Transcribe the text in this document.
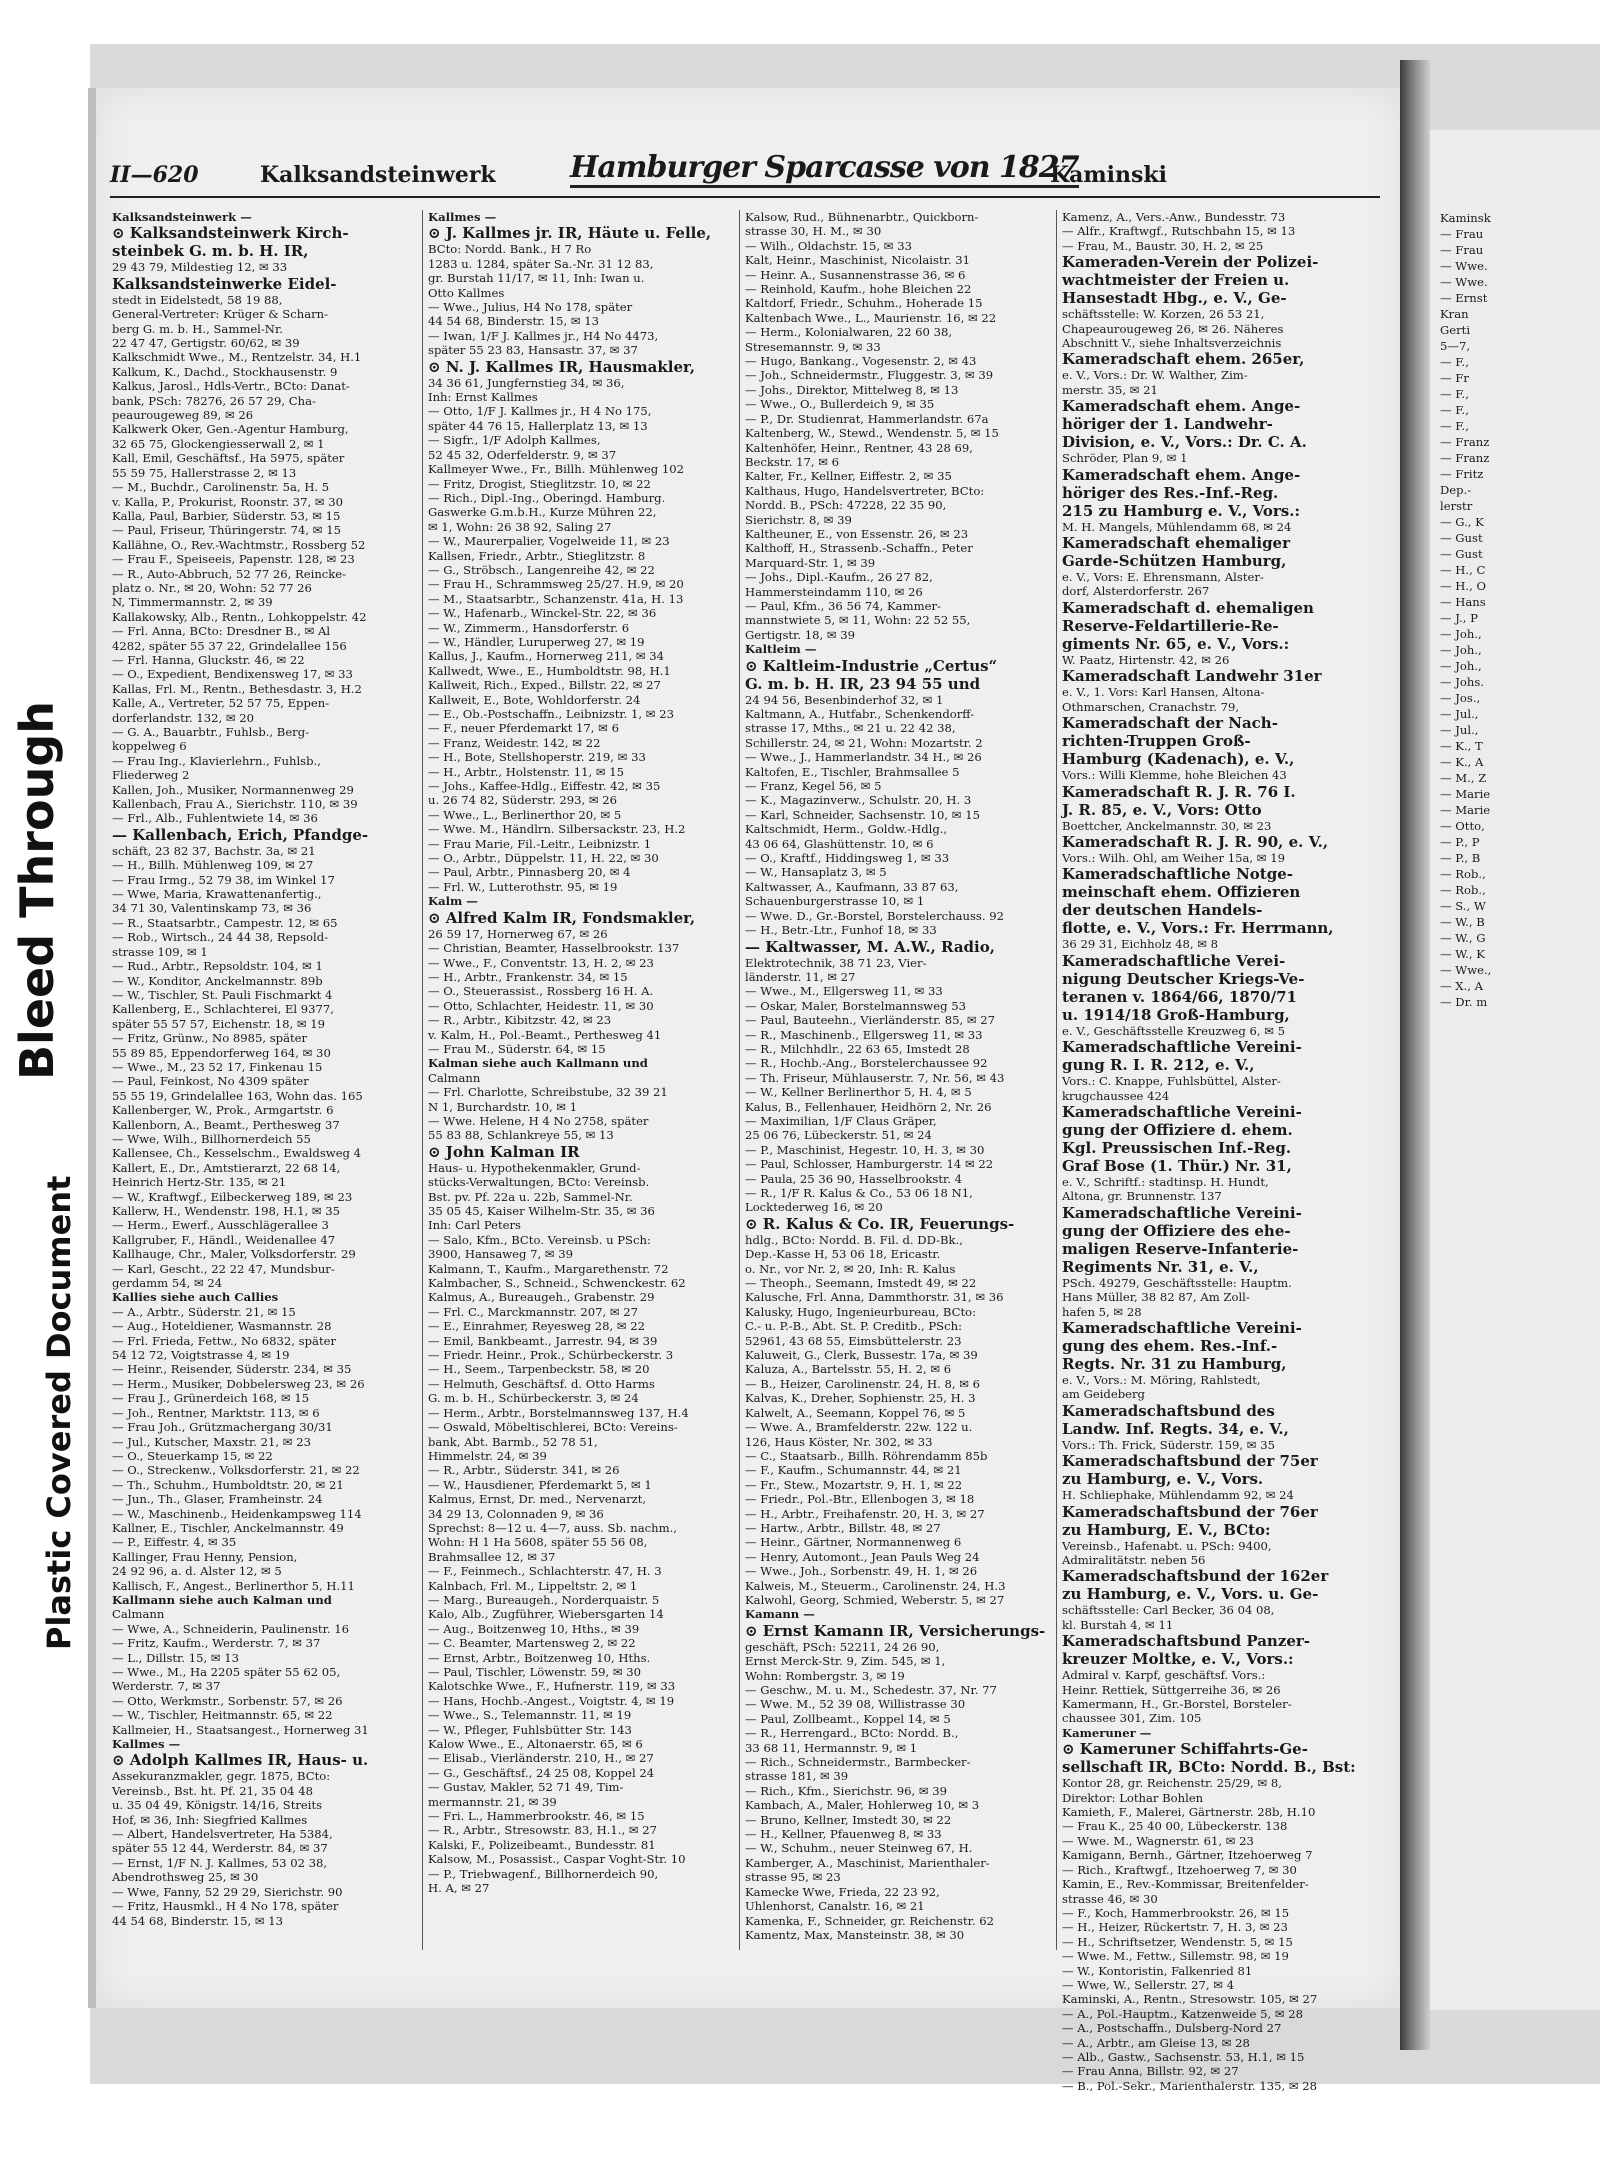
Bleed Through
Plastic Covered Document
Kaminsk
— Frau
— Frau
— Wwe.
— Wwe.
— Ernst
Kran
Gerti
5—7,
— F.,
— Fr
— F.,
— F.,
— F.,
— Franz
— Franz
— Fritz
Dep.-
lerstr
— G., K
— Gust
— Gust
— H., C
— H., O
— Hans
— J., P
— Joh.,
— Joh.,
— Joh.,
— Johs.
— Jos.,
— Jul.,
— Jul.,
— K., T
— K., A
— M., Z
— Marie
— Marie
— Otto,
— P., P
— P., B
— Rob.,
— Rob.,
— S., W
— W., B
— W., G
— W., K
— Wwe.,
— X., A
— Dr. m
II—620	Kalksandsteinwerk Hamburger Sparcasse von 1827
Kaminski
Kalksandsteinwerk —
⊙ Kalksandsteinwerk Kirch-
steinbek G. m. b. H. IR,
29 43 79, Mildestieg 12, ✉ 33
Kalksandsteinwerke Eidel-
stedt in Eidelstedt, 58 19 88,
General-Vertreter: Krüger & Scharn-
berg G. m. b. H., Sammel-Nr.
22 47 47, Gertigstr. 60/62, ✉ 39
Kalkschmidt Wwe., M., Rentzelstr. 34, H.1
Kalkum, K., Dachd., Stockhausenstr. 9
Kalkus, Jarosl., Hdls-Vertr., BCto: Danat-
bank, PSch: 78276, 26 57 29, Cha-
peaurougeweg 89, ✉ 26
Kalkwerk Oker, Gen.-Agentur Hamburg,
32 65 75, Glockengiesserwall 2, ✉ 1
Kall, Emil, Geschäftsf., Ha 5975, später
55 59 75, Hallerstrasse 2, ✉ 13
— M., Buchdr., Carolinenstr. 5a, H. 5
v. Kalla, P., Prokurist, Roonstr. 37, ✉ 30
Kalla, Paul, Barbier, Süderstr. 53, ✉ 15
— Paul, Friseur, Thüringerstr. 74, ✉ 15
Kallähne, O., Rev.-Wachtmstr., Rossberg 52
— Frau F., Speiseeis, Papenstr. 128, ✉ 23
— R., Auto-Abbruch, 52 77 26, Reincke-
platz o. Nr., ✉ 20, Wohn: 52 77 26
N, Timmermannstr. 2, ✉ 39
Kallakowsky, Alb., Rentn., Lohkoppelstr. 42
— Frl. Anna, BCto: Dresdner B., ✉ Al
4282, später 55 37 22, Grindelallee 156
— Frl. Hanna, Gluckstr. 46, ✉ 22
— O., Expedient, Bendixensweg 17, ✉ 33
Kallas, Frl. M., Rentn., Bethesdastr. 3, H.2
Kalle, A., Vertreter, 52 57 75, Eppen-
dorferlandstr. 132, ✉ 20
— G. A., Bauarbtr., Fuhlsb., Berg-
koppelweg 6
— Frau Ing., Klavierlehrn., Fuhlsb.,
Fliederweg 2
Kallen, Joh., Musiker, Normannenweg 29
Kallenbach, Frau A., Sierichstr. 110, ✉ 39
— Frl., Alb., Fuhlentwiete 14, ✉ 36
— Kallenbach, Erich, Pfandge-
schäft, 23 82 37, Bachstr. 3a, ✉ 21
— H., Billh. Mühlenweg 109, ✉ 27
— Frau Irmg., 52 79 38, im Winkel 17
— Wwe, Maria, Krawattenanfertig.,
34 71 30, Valentinskamp 73, ✉ 36
— R., Staatsarbtr., Campestr. 12, ✉ 65
— Rob., Wirtsch., 24 44 38, Repsold-
strasse 109, ✉ 1
— Rud., Arbtr., Repsoldstr. 104, ✉ 1
— W., Konditor, Anckelmannstr. 89b
— W., Tischler, St. Pauli Fischmarkt 4
Kallenberg, E., Schlachterei, El 9377,
später 55 57 57, Eichenstr. 18, ✉ 19
— Fritz, Grünw., No 8985, später
55 89 85, Eppendorferweg 164, ✉ 30
— Wwe., M., 23 52 17, Finkenau 15
— Paul, Feinkost, No 4309 später
55 55 19, Grindelallee 163, Wohn das. 165
Kallenberger, W., Prok., Armgartstr. 6
Kallenborn, A., Beamt., Perthesweg 37
— Wwe, Wilh., Billhornerdeich 55
Kallensee, Ch., Kesselschm., Ewaldsweg 4
Kallert, E., Dr., Amtstierarzt, 22 68 14,
Heinrich Hertz-Str. 135, ✉ 21
— W., Kraftwgf., Eilbeckerweg 189, ✉ 23
Kallerw, H., Wendenstr. 198, H.1, ✉ 35
— Herm., Ewerf., Ausschlägerallee 3
Kallgruber, F., Händl., Weidenallee 47
Kallhauge, Chr., Maler, Volksdorferstr. 29
— Karl, Gescht., 22 22 47, Mundsbur-
gerdamm 54, ✉ 24
Kallies siehe auch Callies
— A., Arbtr., Süderstr. 21, ✉ 15
— Aug., Hoteldiener, Wasmannstr. 28
— Frl. Frieda, Fettw., No 6832, später
54 12 72, Voigtstrasse 4, ✉ 19
— Heinr., Reisender, Süderstr. 234, ✉ 35
— Herm., Musiker, Dobbelersweg 23, ✉ 26
— Frau J., Grünerdeich 168, ✉ 15
— Joh., Rentner, Marktstr. 113, ✉ 6
— Frau Joh., Grützmachergang 30/31
— Jul., Kutscher, Maxstr. 21, ✉ 23
— O., Steuerkamp 15, ✉ 22
— O., Streckenw., Volksdorferstr. 21, ✉ 22
— Th., Schuhm., Humboldtstr. 20, ✉ 21
— Jun., Th., Glaser, Framheinstr. 24
— W., Maschinenb., Heidenkampsweg 114
Kallner, E., Tischler, Anckelmannstr. 49
— P., Eiffestr. 4, ✉ 35
Kallinger, Frau Henny, Pension,
24 92 96, a. d. Alster 12, ✉ 5
Kallisch, F., Angest., Berlinerthor 5, H.11
Kallmann siehe auch Kalman und
Calmann
— Wwe, A., Schneiderin, Paulinenstr. 16
— Fritz, Kaufm., Werderstr. 7, ✉ 37
— L., Dillstr. 15, ✉ 13
— Wwe., M., Ha 2205 später 55 62 05,
Werderstr. 7, ✉ 37
— Otto, Werkmstr., Sorbenstr. 57, ✉ 26
— W., Tischler, Heitmannstr. 65, ✉ 22
Kallmeier, H., Staatsangest., Hornerweg 31
Kallmes —
⊙ Adolph Kallmes IR, Haus- u.
Assekuranzmakler, gegr. 1875, BCto:
Vereinsb., Bst. ht. Pf. 21, 35 04 48
u. 35 04 49, Königstr. 14/16, Streits
Hof, ✉ 36, Inh: Siegfried Kallmes
— Albert, Handelsvertreter, Ha 5384,
später 55 12 44, Werderstr. 84, ✉ 37
— Ernst, 1/F N. J. Kallmes, 53 02 38,
Abendrothsweg 25, ✉ 30
— Wwe, Fanny, 52 29 29, Sierichstr. 90
— Fritz, Hausmkl., H 4 No 178, später
44 54 68, Binderstr. 15, ✉ 13
Kallmes —
⊙ J. Kallmes jr. IR, Häute u. Felle,
BCto: Nordd. Bank., H 7 Ro
1283 u. 1284, später Sa.-Nr. 31 12 83,
gr. Burstah 11/17, ✉ 11, Inh: Iwan u.
Otto Kallmes
— Wwe., Julius, H4 No 178, später
44 54 68, Binderstr. 15, ✉ 13
— Iwan, 1/F J. Kallmes jr., H4 No 4473,
später 55 23 83, Hansastr. 37, ✉ 37
⊙ N. J. Kallmes IR, Hausmakler,
34 36 61, Jungfernstieg 34, ✉ 36,
Inh: Ernst Kallmes
— Otto, 1/F J. Kallmes jr., H 4 No 175,
später 44 76 15, Hallerplatz 13, ✉ 13
— Sigfr., 1/F Adolph Kallmes,
52 45 32, Oderfelderstr. 9, ✉ 37
Kallmeyer Wwe., Fr., Billh. Mühlenweg 102
— Fritz, Drogist, Stieglitzstr. 10, ✉ 22
— Rich., Dipl.-Ing., Oberingd. Hamburg.
Gaswerke G.m.b.H., Kurze Mühren 22,
✉ 1, Wohn: 26 38 92, Saling 27
— W., Maurerpalier, Vogelweide 11, ✉ 23
Kallsen, Friedr., Arbtr., Stieglitzstr. 8
— G., Ströbsch., Langenreihe 42, ✉ 22
— Frau H., Schrammsweg 25/27. H.9, ✉ 20
— M., Staatsarbtr., Schanzenstr. 41a, H. 13
— W., Hafenarb., Winckel-Str. 22, ✉ 36
— W., Zimmerm., Hansdorferstr. 6
— W., Händler, Luruperweg 27, ✉ 19
Kallus, J., Kaufm., Hornerweg 211, ✉ 34
Kallwedt, Wwe., E., Humboldtstr. 98, H.1
Kallweit, Rich., Exped., Billstr. 22, ✉ 27
Kallweit, E., Bote, Wohldorferstr. 24
— E., Ob.-Postschaffn., Leibnizstr. 1, ✉ 23
— F., neuer Pferdemarkt 17, ✉ 6
— Franz, Weidestr. 142, ✉ 22
— H., Bote, Stellshoperstr. 219, ✉ 33
— H., Arbtr., Holstenstr. 11, ✉ 15
— Johs., Kaffee-Hdlg., Eiffestr. 42, ✉ 35
u. 26 74 82, Süderstr. 293, ✉ 26
— Wwe., L., Berlinerthor 20, ✉ 5
— Wwe. M., Händlrn. Silbersackstr. 23, H.2
— Frau Marie, Fil.-Leitr., Leibnizstr. 1
— O., Arbtr., Düppelstr. 11, H. 22, ✉ 30
— Paul, Arbtr., Pinnasberg 20, ✉ 4
— Frl. W., Lutterothstr. 95, ✉ 19
Kalm —
⊙ Alfred Kalm IR, Fondsmakler,
26 59 17, Hornerweg 67, ✉ 26
— Christian, Beamter, Hasselbrookstr. 137
— Wwe., F., Conventstr. 13, H. 2, ✉ 23
— H., Arbtr., Frankenstr. 34, ✉ 15
— O., Steuerassist., Rossberg 16 H. A.
— Otto, Schlachter, Heidestr. 11, ✉ 30
— R., Arbtr., Kibitzstr. 42, ✉ 23
v. Kalm, H., Pol.-Beamt., Perthesweg 41
— Frau M., Süderstr. 64, ✉ 15
Kalman siehe auch Kallmann und
Calmann
— Frl. Charlotte, Schreibstube, 32 39 21
N 1, Burchardstr. 10, ✉ 1
— Wwe. Helene, H 4 No 2758, später
55 83 88, Schlankreye 55, ✉ 13
⊙ John Kalman IR
Haus- u. Hypothekenmakler, Grund-
stücks-Verwaltungen, BCto: Vereinsb.
Bst. pv. Pf. 22a u. 22b, Sammel-Nr.
35 05 45, Kaiser Wilhelm-Str. 35, ✉ 36
Inh: Carl Peters
— Salo, Kfm., BCto. Vereinsb. u PSch:
3900, Hansaweg 7, ✉ 39
Kalmann, T., Kaufm., Margarethenstr. 72
Kalmbacher, S., Schneid., Schwenckestr. 62
Kalmus, A., Bureaugeh., Grabenstr. 29
— Frl. C., Marckmannstr. 207, ✉ 27
— E., Einrahmer, Reyesweg 28, ✉ 22
— Emil, Bankbeamt., Jarrestr. 94, ✉ 39
— Friedr. Heinr., Prok., Schürbeckerstr. 3
— H., Seem., Tarpenbeckstr. 58, ✉ 20
— Helmuth, Geschäftsf. d. Otto Harms
G. m. b. H., Schürbeckerstr. 3, ✉ 24
— Herm., Arbtr., Borstelmannsweg 137, H.4
— Oswald, Möbeltischlerei, BCto: Vereins-
bank, Abt. Barmb., 52 78 51,
Himmelstr. 24, ✉ 39
— R., Arbtr., Süderstr. 341, ✉ 26
— W., Hausdiener, Pferdemarkt 5, ✉ 1
Kalmus, Ernst, Dr. med., Nervenarzt,
34 29 13, Colonnaden 9, ✉ 36
Sprechst: 8—12 u. 4—7, auss. Sb. nachm.,
Wohn: H 1 Ha 5608, später 55 56 08,
Brahmsallee 12, ✉ 37
— F., Feinmech., Schlachterstr. 47, H. 3
Kalnbach, Frl. M., Lippeltstr. 2, ✉ 1
— Marg., Bureaugeh., Norderquaistr. 5
Kalo, Alb., Zugführer, Wiebersgarten 14
— Aug., Boitzenweg 10, Hths., ✉ 39
— C. Beamter, Martensweg 2, ✉ 22
— Ernst, Arbtr., Boitzenweg 10, Hths.
— Paul, Tischler, Löwenstr. 59, ✉ 30
Kalotschke Wwe., F., Hufnerstr. 119, ✉ 33
— Hans, Hochb.-Angest., Voigtstr. 4, ✉ 19
— Wwe., S., Telemannstr. 11, ✉ 19
— W., Pfleger, Fuhlsbütter Str. 143
Kalow Wwe., E., Altonaerstr. 65, ✉ 6
— Elisab., Vierländerstr. 210, H., ✉ 27
— G., Geschäftsf., 24 25 08, Koppel 24
— Gustav, Makler, 52 71 49, Tim-
mermannstr. 21, ✉ 39
— Fri. L., Hammerbrookstr. 46, ✉ 15
— R., Arbtr., Stresowstr. 83, H.1., ✉ 27
Kalski, F., Polizeibeamt., Bundesstr. 81
Kalsow, M., Posassist., Caspar Voght-Str. 10
— P., Triebwagenf., Billhornerdeich 90,
H. A, ✉ 27
Kalsow, Rud., Bühnenarbtr., Quickborn-
strasse 30, H. M., ✉ 30
— Wilh., Oldachstr. 15, ✉ 33
Kalt, Heinr., Maschinist, Nicolaistr. 31
— Heinr. A., Susannenstrasse 36, ✉ 6
— Reinhold, Kaufm., hohe Bleichen 22
Kaltdorf, Friedr., Schuhm., Hoherade 15
Kaltenbach Wwe., L., Maurienstr. 16, ✉ 22
— Herm., Kolonialwaren, 22 60 38,
Stresemannstr. 9, ✉ 33
— Hugo, Bankang., Vogesenstr. 2, ✉ 43
— Joh., Schneidermstr., Fluggestr. 3, ✉ 39
— Johs., Direktor, Mittelweg 8, ✉ 13
— Wwe., O., Bullerdeich 9, ✉ 35
— P., Dr. Studienrat, Hammerlandstr. 67a
Kaltenberg, W., Stewd., Wendenstr. 5, ✉ 15
Kaltenhöfer, Heinr., Rentner, 43 28 69,
Beckstr. 17, ✉ 6
Kalter, Fr., Kellner, Eiffestr. 2, ✉ 35
Kalthaus, Hugo, Handelsvertreter, BCto:
Nordd. B., PSch: 47228, 22 35 90,
Sierichstr. 8, ✉ 39
Kaltheuner, E., von Essenstr. 26, ✉ 23
Kalthoff, H., Strassenb.-Schaffn., Peter
Marquard-Str. 1, ✉ 39
— Johs., Dipl.-Kaufm., 26 27 82,
Hammersteindamm 110, ✉ 26
— Paul, Kfm., 36 56 74, Kammer-
mannstwiete 5, ✉ 11, Wohn: 22 52 55,
Gertigstr. 18, ✉ 39
Kaltleim —
⊙ Kaltleim-Industrie „Certus“
G. m. b. H. IR, 23 94 55 und
24 94 56, Besenbinderhof 32, ✉ 1
Kaltmann, A., Hutfabr., Schenkendorff-
strasse 17, Mths., ✉ 21 u. 22 42 38,
Schillerstr. 24, ✉ 21, Wohn: Mozartstr. 2
— Wwe., J., Hammerlandstr. 34 H., ✉ 26
Kaltofen, E., Tischler, Brahmsallee 5
— Franz, Kegel 56, ✉ 5
— K., Magazinverw., Schulstr. 20, H. 3
— Karl, Schneider, Sachsenstr. 10, ✉ 15
Kaltschmidt, Herm., Goldw.-Hdlg.,
43 06 64, Glashüttenstr. 10, ✉ 6
— O., Kraftf., Hiddingsweg 1, ✉ 33
— W., Hansaplatz 3, ✉ 5
Kaltwasser, A., Kaufmann, 33 87 63,
Schauenburgerstrasse 10, ✉ 1
— Wwe. D., Gr.-Borstel, Borstelerchauss. 92
— H., Betr.-Ltr., Funhof 18, ✉ 33
— Kaltwasser, M. A.W., Radio,
Elektrotechnik, 38 71 23, Vier-
länderstr. 11, ✉ 27
— Wwe., M., Ellgersweg 11, ✉ 33
— Oskar, Maler, Borstelmannsweg 53
— Paul, Bauteehn., Vierländerstr. 85, ✉ 27
— R., Maschinenb., Ellgersweg 11, ✉ 33
— R., Milchhdlr., 22 63 65, Imstedt 28
— R., Hochb.-Ang., Borstelerchaussee 92
— Th. Friseur, Mühlauserstr. 7, Nr. 56, ✉ 43
— W., Kellner Berlinerthor 5, H. 4, ✉ 5
Kalus, B., Fellenhauer, Heidhörn 2, Nr. 26
— Maximilian, 1/F Claus Gräper,
25 06 76, Lübeckerstr. 51, ✉ 24
— P., Maschinist, Hegestr. 10, H. 3, ✉ 30
— Paul, Schlosser, Hamburgerstr. 14 ✉ 22
— Paula, 25 36 90, Hasselbrookstr. 4
— R., 1/F R. Kalus & Co., 53 06 18 N1,
Locktederweg 16, ✉ 20
⊙ R. Kalus & Co. IR, Feuerungs-
hdlg., BCto: Nordd. B. Fil. d. DD-Bk.,
Dep.-Kasse H, 53 06 18, Ericastr.
o. Nr., vor Nr. 2, ✉ 20, Inh: R. Kalus
— Theoph., Seemann, Imstedt 49, ✉ 22
Kalusche, Frl. Anna, Dammthorstr. 31, ✉ 36
Kalusky, Hugo, Ingenieurbureau, BCto:
C.- u. P.-B., Abt. St. P. Creditb., PSch:
52961, 43 68 55, Eimsbüttelerstr. 23
Kaluweit, G., Clerk, Bussestr. 17a, ✉ 39
Kaluza, A., Bartelsstr. 55, H. 2, ✉ 6
— B., Heizer, Carolinenstr. 24, H. 8, ✉ 6
Kalvas, K., Dreher, Sophienstr. 25, H. 3
Kalwelt, A., Seemann, Koppel 76, ✉ 5
— Wwe. A., Bramfelderstr. 22w. 122 u.
126, Haus Köster, Nr. 302, ✉ 33
— C., Staatsarb., Billh. Röhrendamm 85b
— F., Kaufm., Schumannstr. 44, ✉ 21
— Fr., Stew., Mozartstr. 9, H. 1, ✉ 22
— Friedr., Pol.-Btr., Ellenbogen 3, ✉ 18
— H., Arbtr., Freihafenstr. 20, H. 3, ✉ 27
— Hartw., Arbtr., Billstr. 48, ✉ 27
— Heinr., Gärtner, Normannenweg 6
— Henry, Automont., Jean Pauls Weg 24
— Wwe., Joh., Sorbenstr. 49, H. 1, ✉ 26
Kalweis, M., Steuerm., Carolinenstr. 24, H.3
Kalwohl, Georg, Schmied, Weberstr. 5, ✉ 27
Kamann —
⊙ Ernst Kamann IR, Versicherungs-
geschäft, PSch: 52211, 24 26 90,
Ernst Merck-Str. 9, Zim. 545, ✉ 1,
Wohn: Rombergstr. 3, ✉ 19
— Geschw., M. u. M., Schedestr. 37, Nr. 77
— Wwe. M., 52 39 08, Willistrasse 30
— Paul, Zollbeamt., Koppel 14, ✉ 5
— R., Herrengard., BCto: Nordd. B.,
33 68 11, Hermannstr. 9, ✉ 1
— Rich., Schneidermstr., Barmbecker-
strasse 181, ✉ 39
— Rich., Kfm., Sierichstr. 96, ✉ 39
Kambach, A., Maler, Hohlerweg 10, ✉ 3
— Bruno, Kellner, Imstedt 30, ✉ 22
— H., Kellner, Pfauenweg 8, ✉ 33
— W., Schuhm., neuer Steinweg 67, H.
Kamberger, A., Maschinist, Marienthaler-
strasse 95, ✉ 23
Kamecke Wwe, Frieda, 22 23 92,
Uhlenhorst, Canalstr. 16, ✉ 21
Kamenka, F., Schneider, gr. Reichenstr. 62
Kamentz, Max, Mansteinstr. 38, ✉ 30
Kamenz, A., Vers.-Anw., Bundesstr. 73
— Alfr., Kraftwgf., Rutschbahn 15, ✉ 13
— Frau, M., Baustr. 30, H. 2, ✉ 25
Kameraden-Verein der Polizei-
wachtmeister der Freien u.
Hansestadt Hbg., e. V., Ge-
schäftsstelle: W. Korzen, 26 53 21,
Chapeaurougeweg 26, ✉ 26. Näheres
Abschnitt V., siehe Inhaltsverzeichnis
Kameradschaft ehem. 265er,
e. V., Vors.: Dr. W. Walther, Zim-
merstr. 35, ✉ 21
Kameradschaft ehem. Ange-
höriger der 1. Landwehr-
Division, e. V., Vors.: Dr. C. A.
Schröder, Plan 9, ✉ 1
Kameradschaft ehem. Ange-
höriger des Res.-Inf.-Reg.
215 zu Hamburg e. V., Vors.:
M. H. Mangels, Mühlendamm 68, ✉ 24
Kameradschaft ehemaliger
Garde-Schützen Hamburg,
e. V., Vors: E. Ehrensmann, Alster-
dorf, Alsterdorferstr. 267
Kameradschaft d. ehemaligen
Reserve-Feldartillerie-Re-
giments Nr. 65, e. V., Vors.:
W. Paatz, Hirtenstr. 42, ✉ 26
Kameradschaft Landwehr 31er
e. V., 1. Vors: Karl Hansen, Altona-
Othmarschen, Cranachstr. 79,
Kameradschaft der Nach-
richten-Truppen Groß-
Hamburg (Kadenach), e. V.,
Vors.: Willi Klemme, hohe Bleichen 43
Kameradschaft R. J. R. 76 I.
J. R. 85, e. V., Vors: Otto
Boettcher, Anckelmannstr. 30, ✉ 23
Kameradschaft R. J. R. 90, e. V.,
Vors.: Wilh. Ohl, am Weiher 15a, ✉ 19
Kameradschaftliche Notge-
meinschaft ehem. Offizieren
der deutschen Handels-
flotte, e. V., Vors.: Fr. Herrmann,
36 29 31, Eichholz 48, ✉ 8
Kameradschaftliche Verei-
nigung Deutscher Kriegs-Ve-
teranen v. 1864/66, 1870/71
u. 1914/18 Groß-Hamburg,
e. V., Geschäftsstelle Kreuzweg 6, ✉ 5
Kameradschaftliche Vereini-
gung R. I. R. 212, e. V.,
Vors.: C. Knappe, Fuhlsbüttel, Alster-
krugchaussee 424
Kameradschaftliche Vereini-
gung der Offiziere d. ehem.
Kgl. Preussischen Inf.-Reg.
Graf Bose (1. Thür.) Nr. 31,
e. V., Schriftf.: stadtinsp. H. Hundt,
Altona, gr. Brunnenstr. 137
Kameradschaftliche Vereini-
gung der Offiziere des ehe-
maligen Reserve-Infanterie-
Regiments Nr. 31, e. V.,
PSch. 49279, Geschäftsstelle: Hauptm.
Hans Müller, 38 82 87, Am Zoll-
hafen 5, ✉ 28
Kameradschaftliche Vereini-
gung des ehem. Res.-Inf.-
Regts. Nr. 31 zu Hamburg,
e. V., Vors.: M. Möring, Rahlstedt,
am Geideberg
Kameradschaftsbund des
Landw. Inf. Regts. 34, e. V.,
Vors.: Th. Frick, Süderstr. 159, ✉ 35
Kameradschaftsbund der 75er
zu Hamburg, e. V., Vors.
H. Schliephake, Mühlendamm 92, ✉ 24
Kameradschaftsbund der 76er
zu Hamburg, E. V., BCto:
Vereinsb., Hafenabt. u. PSch: 9400,
Admiralitätstr. neben 56
Kameradschaftsbund der 162er
zu Hamburg, e. V., Vors. u. Ge-
schäftsstelle: Carl Becker, 36 04 08,
kl. Burstah 4, ✉ 11
Kameradschaftsbund Panzer-
kreuzer Moltke, e. V., Vors.:
Admiral v. Karpf, geschäftsf. Vors.:
Heinr. Rettiek, Süttgerreihe 36, ✉ 26
Kamermann, H., Gr.-Borstel, Borsteler-
chaussee 301, Zim. 105
Kameruner —
⊙ Kameruner Schiffahrts-Ge-
sellschaft IR, BCto: Nordd. B., Bst:
Kontor 28, gr. Reichenstr. 25/29, ✉ 8,
Direktor: Lothar Bohlen
Kamieth, F., Malerei, Gärtnerstr. 28b, H.10
— Frau K., 25 40 00, Lübeckerstr. 138
— Wwe. M., Wagnerstr. 61, ✉ 23
Kamigann, Bernh., Gärtner, Itzehoerweg 7
— Rich., Kraftwgf., Itzehoerweg 7, ✉ 30
Kamin, E., Rev.-Kommissar, Breitenfelder-
strasse 46, ✉ 30
— F., Koch, Hammerbrookstr. 26, ✉ 15
— H., Heizer, Rückertstr. 7, H. 3, ✉ 23
— H., Schriftsetzer, Wendenstr. 5, ✉ 15
— Wwe. M., Fettw., Sillemstr. 98, ✉ 19
— W., Kontoristin, Falkenried 81
— Wwe, W., Sellerstr. 27, ✉ 4
Kaminski, A., Rentn., Stresowstr. 105, ✉ 27
— A., Pol.-Hauptm., Katzenweide 5, ✉ 28
— A., Postschaffn., Dulsberg-Nord 27
— A., Arbtr., am Gleise 13, ✉ 28
— Alb., Gastw., Sachsenstr. 53, H.1, ✉ 15
— Frau Anna, Billstr. 92, ✉ 27
— B., Pol.-Sekr., Marienthalerstr. 135, ✉ 28
